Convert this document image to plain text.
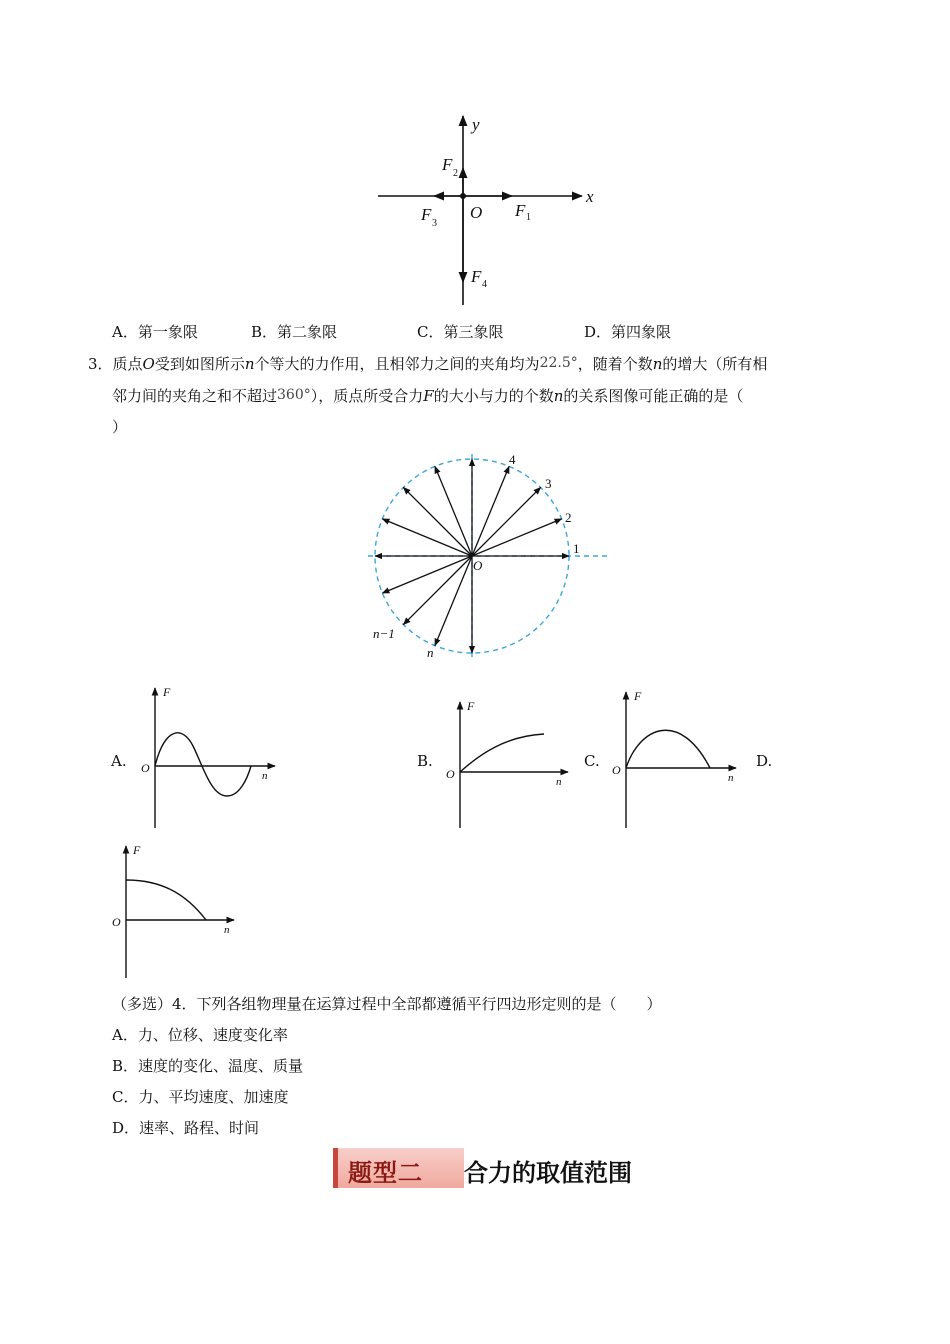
y
x
O F 1
F 2
F 3
F 4
A．第一象限	B．第二象限	C．第三象限	D．第四象限
3．质点O受到如图所示n个等大的力作用，且相邻力之间的夹角均为22.5°，随着个数n的增大（所有相
邻力间的夹角之和不超过360°），质点所受合力F的大小与力的个数n的关系图像可能正确的是（
）
O
1
2
3
4
n−1
n
A.
F
O
n
B.
F
O
n
C.
F
O
n
D.
F
O
n
（多选）4．下列各组物理量在运算过程中全部都遵循平行四边形定则的是（　　）
A．力、位移、速度变化率
B．速度的变化、温度、质量
C．力、平均速度、加速度
D．速率、路程、时间
题型二 合力的取值范围
